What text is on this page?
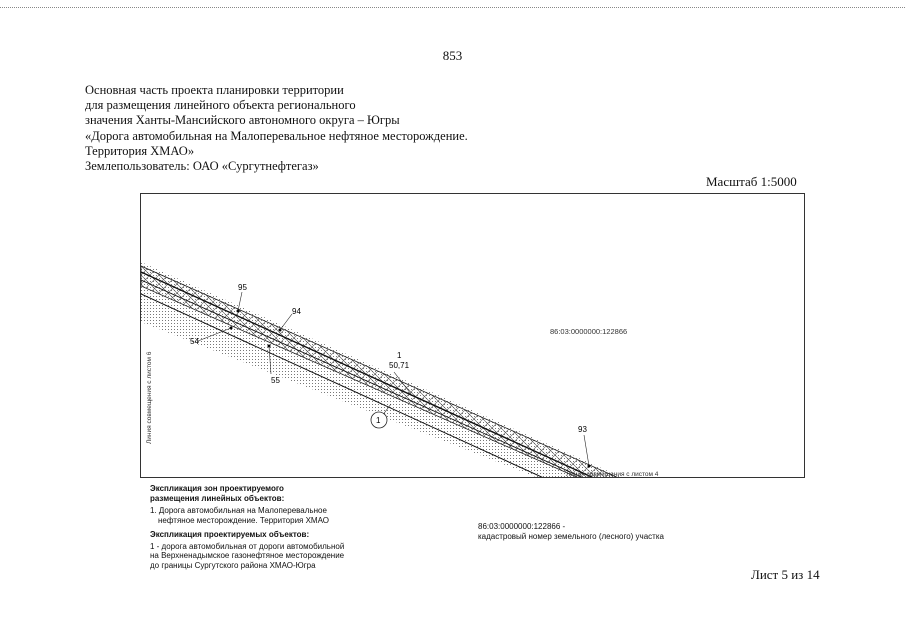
853
Основная часть проекта планировки территории
для размещения линейного объекта регионального
значения Ханты-Мансийского автономного округа – Югры
«Дорога автомобильная на Малоперевальное нефтяное месторождение.
Территория ХМАО»
Землепользователь: ОАО «Сургутнефтегаз»
Масштаб 1:5000
95
94
54
55
93
1
50,71
1
86:03:0000000:122866
Линия совмещения с листом 6
Линия совмещения с листом 4
Экспликация зон проектируемого
размещения линейных объектов:
1. Дорога автомобильная на Малоперевальное
нефтяное месторождение. Территория ХМАО
Экспликация проектируемых объектов:
1 - дорога автомобильная от дороги автомобильной
на Верхненадымское газонефтяное месторождение
до границы Сургутского района ХМАО-Югра
86:03:0000000:122866 -
кадастровый номер земельного (лесного) участка
Лист 5 из 14
